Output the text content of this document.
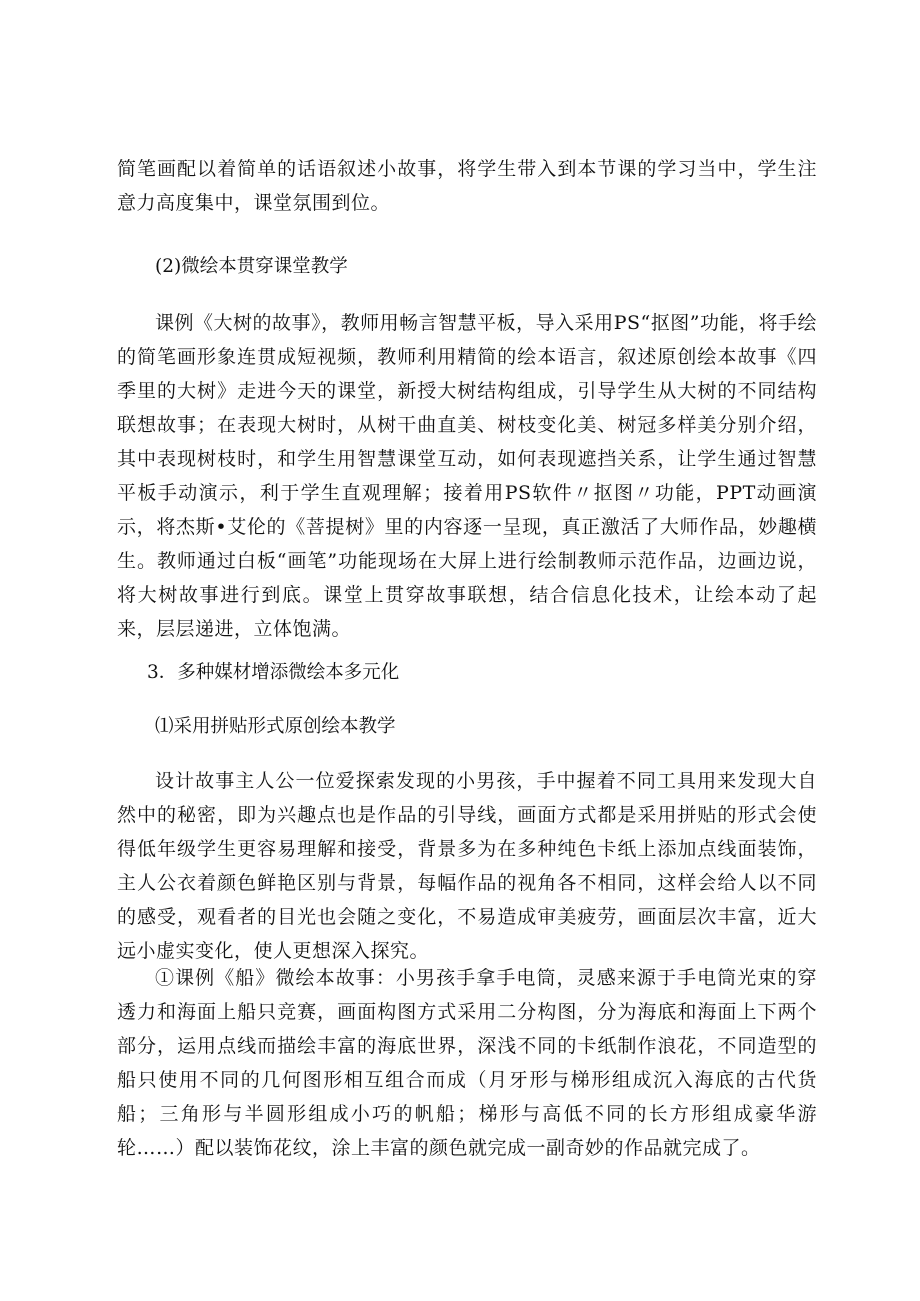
简笔画配以着简单的话语叙述小故事，将学生带入到本节课的学习当中，学生注意力高度集中，课堂氛围到位。

(2)微绘本贯穿课堂教学

课例《大树的故事》，教师用畅言智慧平板，导入采用PS“抠图”功能，将手绘的简笔画形象连贯成短视频，教师利用精简的绘本语言，叙述原创绘本故事《四季里的大树》走进今天的课堂，新授大树结构组成，引导学生从大树的不同结构联想故事；在表现大树时，从树干曲直美、树枝变化美、树冠多样美分别介绍，其中表现树枝时，和学生用智慧课堂互动，如何表现遮挡关系，让学生通过智慧平板手动演示，利于学生直观理解；接着用PS软件〃抠图〃功能，PPT动画演示，将杰斯•艾伦的《菩提树》里的内容逐一呈现，真正激活了大师作品，妙趣横生。教师通过白板“画笔”功能现场在大屏上进行绘制教师示范作品，边画边说，将大树故事进行到底。课堂上贯穿故事联想，结合信息化技术，让绘本动了起来，层层递进，立体饱满。

3．多种媒材增添微绘本多元化

⑴采用拼贴形式原创绘本教学

设计故事主人公一位爱探索发现的小男孩，手中握着不同工具用来发现大自然中的秘密，即为兴趣点也是作品的引导线，画面方式都是采用拼贴的形式会使得低年级学生更容易理解和接受，背景多为在多种纯色卡纸上添加点线面装饰，主人公衣着颜色鲜艳区别与背景，每幅作品的视角各不相同，这样会给人以不同的感受，观看者的目光也会随之变化，不易造成审美疲劳，画面层次丰富，近大远小虚实变化，使人更想深入探究。

①课例《船》微绘本故事：小男孩手拿手电筒，灵感来源于手电筒光束的穿透力和海面上船只竞赛，画面构图方式采用二分构图，分为海底和海面上下两个部分，运用点线而描绘丰富的海底世界，深浅不同的卡纸制作浪花，不同造型的船只使用不同的几何图形相互组合而成（月牙形与梯形组成沉入海底的古代货船；三角形与半圆形组成小巧的帆船；梯形与高低不同的长方形组成豪华游轮……）配以装饰花纹，涂上丰富的颜色就完成一副奇妙的作品就完成了。
